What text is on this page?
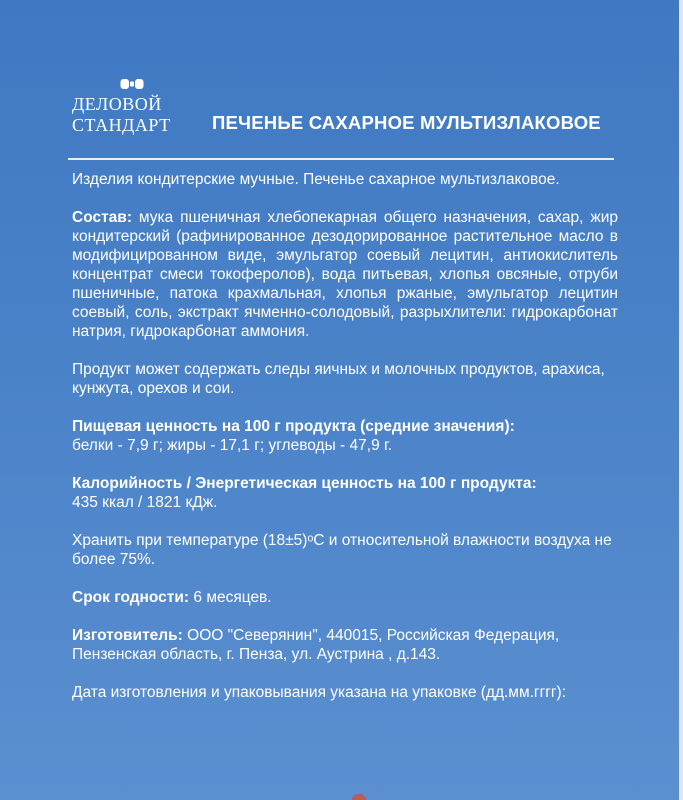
ДЕЛОВОЙ
СТАНДАРТ	ПЕЧЕНЬЕ САХАРНОЕ МУЛЬТИЗЛАКОВОЕ

Изделия кондитерские мучные. Печенье сахарное мультизлаковое.

Состав: мука пшеничная хлебопекарная общего назначения, сахар, жир кондитерский (рафинированное дезодорированное растительное масло в модифицированном виде, эмульгатор соевый лецитин, антиокислитель концентрат смеси токоферолов), вода питьевая, хлопья овсяные, отруби пшеничные, патока крахмальная, хлопья ржаные, эмульгатор лецитин соевый, соль, экстракт ячменно-солодовый, разрыхлители: гидрокарбонат натрия, гидрокарбонат аммония.

Продукт может содержать следы яичных и молочных продуктов, арахиса, кунжута, орехов и сои.

Пищевая ценность на 100 г продукта (средние значения):
белки - 7,9 г; жиры - 17,1 г; углеводы - 47,9 г.

Калорийность / Энергетическая ценность на 100 г продукта:
435 ккал / 1821 кДж.

Хранить при температуре (18±5)ᵒС и относительной влажности воздуха не более 75%.

Срок годности: 6 месяцев.

Изготовитель: ООО "Северянин", 440015, Российская Федерация, Пензенская область, г. Пенза, ул. Аустрина , д.143.

Дата изготовления и упаковывания указана на упаковке (дд.мм.гггг):
